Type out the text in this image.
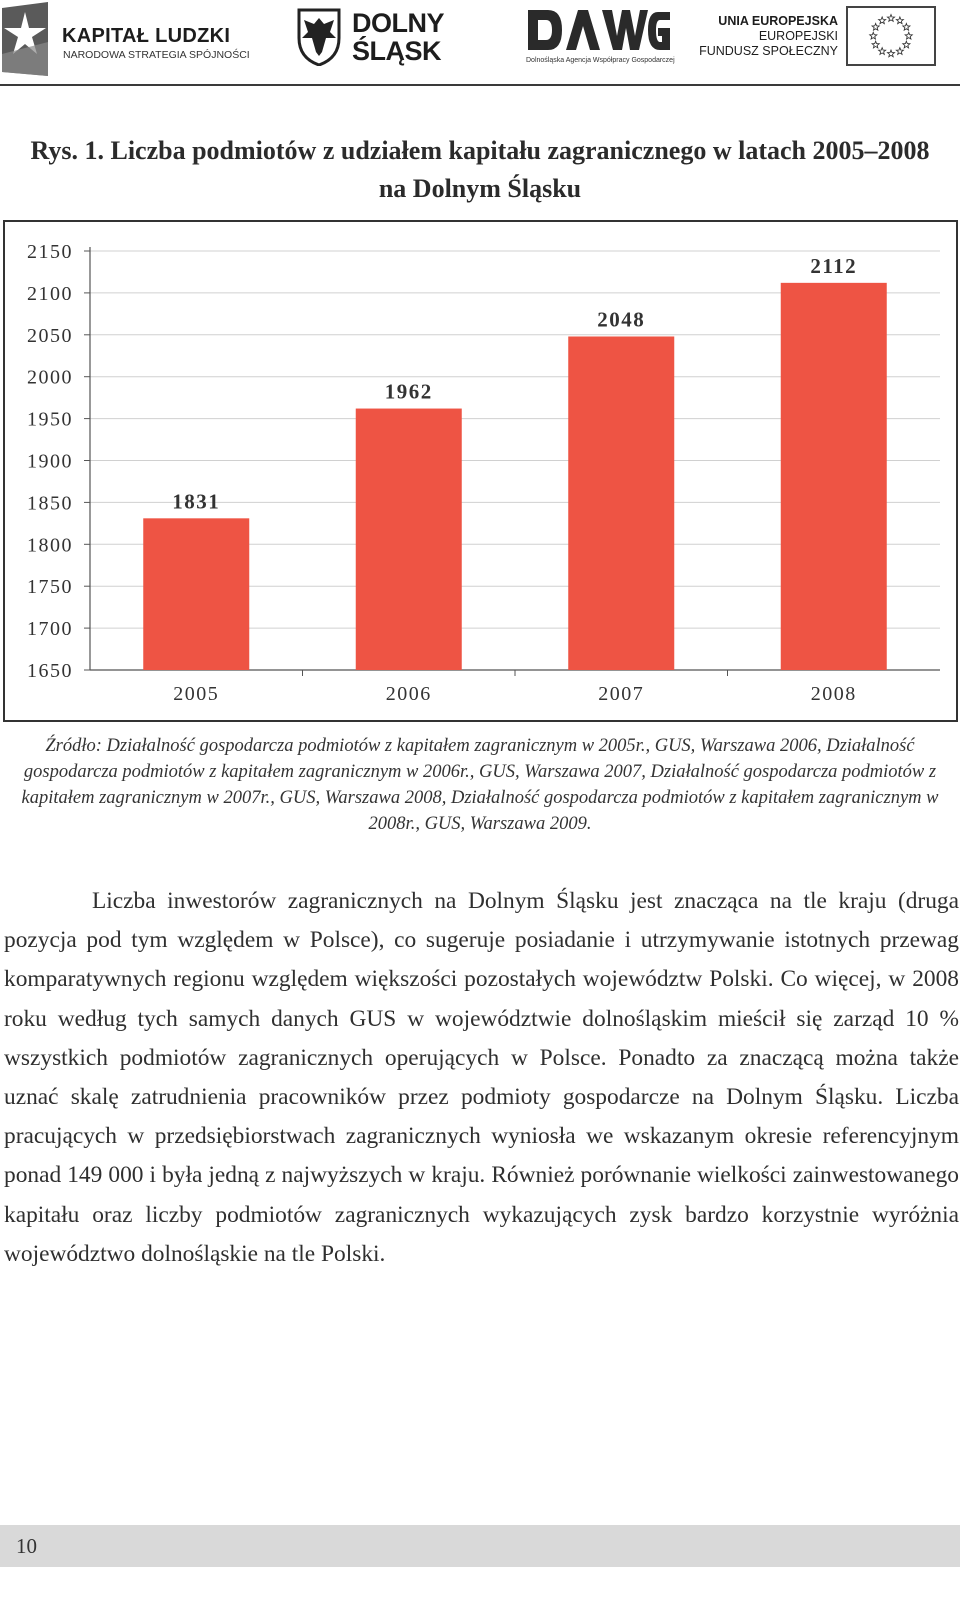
KAPITAŁ LUDZKI
NARODOWA STRATEGIA SPÓJNOŚCI
DOLNY
ŚLĄSK	Dolnośląska Agencja Współpracy Gospodarczej
UNIA EUROPEJSKA
EUROPEJSKI
FUNDUSZ SPOŁECZNY
Rys. 1. Liczba podmiotów z udziałem kapitału zagranicznego w latach 2005–2008
na Dolnym Śląsku
1650
1700
1750
1800
1850
1900
1950
2000
2050
2100
2150
1831
2005
1962
2006
2048
2007
2112
2008
Źródło: Działalność gospodarcza podmiotów z kapitałem zagranicznym w 2005r., GUS, Warszawa 2006, Działalność gospodarcza podmiotów z kapitałem zagranicznym w 2006r., GUS, Warszawa 2007, Działalność gospodarcza podmiotów z kapitałem zagranicznym w 2007r., GUS, Warszawa 2008, Działalność gospodarcza podmiotów z kapitałem zagranicznym w 2008r., GUS, Warszawa 2009.

Liczba inwestorów zagranicznych na Dolnym Śląsku jest znacząca na tle kraju (druga pozycja pod tym względem w Polsce), co sugeruje posiadanie i utrzymywanie istotnych przewag komparatywnych regionu względem większości pozostałych województw Polski. Co więcej, w 2008 roku według tych samych danych GUS w województwie dolnośląskim mieścił się zarząd 10 % wszystkich podmiotów zagranicznych operujących w Polsce. Ponadto za znaczącą można także uznać skalę zatrudnienia pracowników przez podmioty gospodarcze na Dolnym Śląsku. Liczba pracujących w przedsiębiorstwach zagranicznych wyniosła we wskazanym okresie referencyjnym ponad 149 000 i była jedną z najwyższych w kraju. Również porównanie wielkości zainwestowanego kapitału oraz liczby podmiotów zagranicznych wykazujących zysk bardzo korzystnie wyróżnia województwo dolnośląskie na tle Polski.

10
